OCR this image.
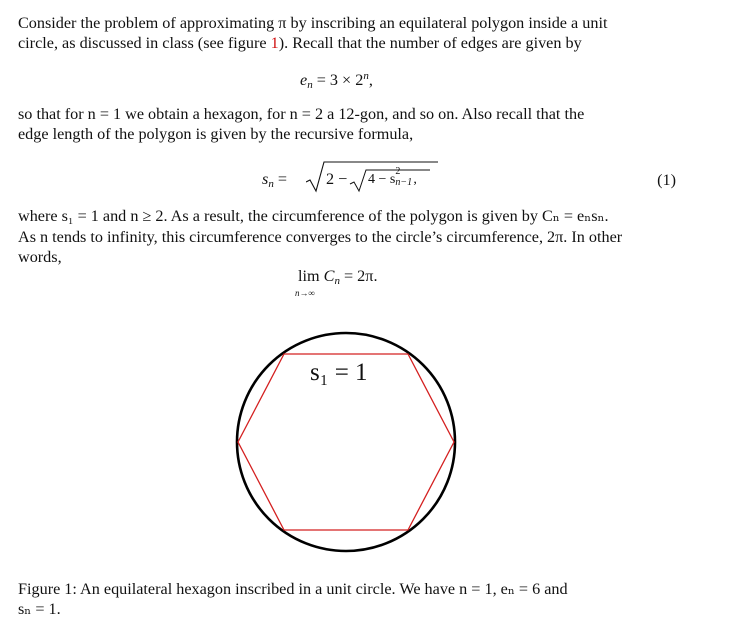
Consider the problem of approximating π by inscribing an equilateral polygon inside a unit
circle, as discussed in class (see figure 1). Recall that the number of edges are given by
$e_n = 3 \times 2^n$,
so that for n = 1 we obtain a hexagon, for n = 2 a 12-gon, and so on. Also recall that the
edge length of the polygon is given by the recursive formula,
$s_n = 2 - 4 - s$
2
n−1 ,	(1)
where s₁ = 1 and n ≥ 2. As a result, the circumference of the polygon is given by Cₙ = eₙsₙ.
As n tends to infinity, this circumference converges to the circle’s circumference, 2π. In other
words,
lim
n→∞
$C_n = 2\pi$.
s₁ = 1
Figure 1: An equilateral hexagon inscribed in a unit circle. We have n = 1, eₙ = 6 and
sₙ = 1.
